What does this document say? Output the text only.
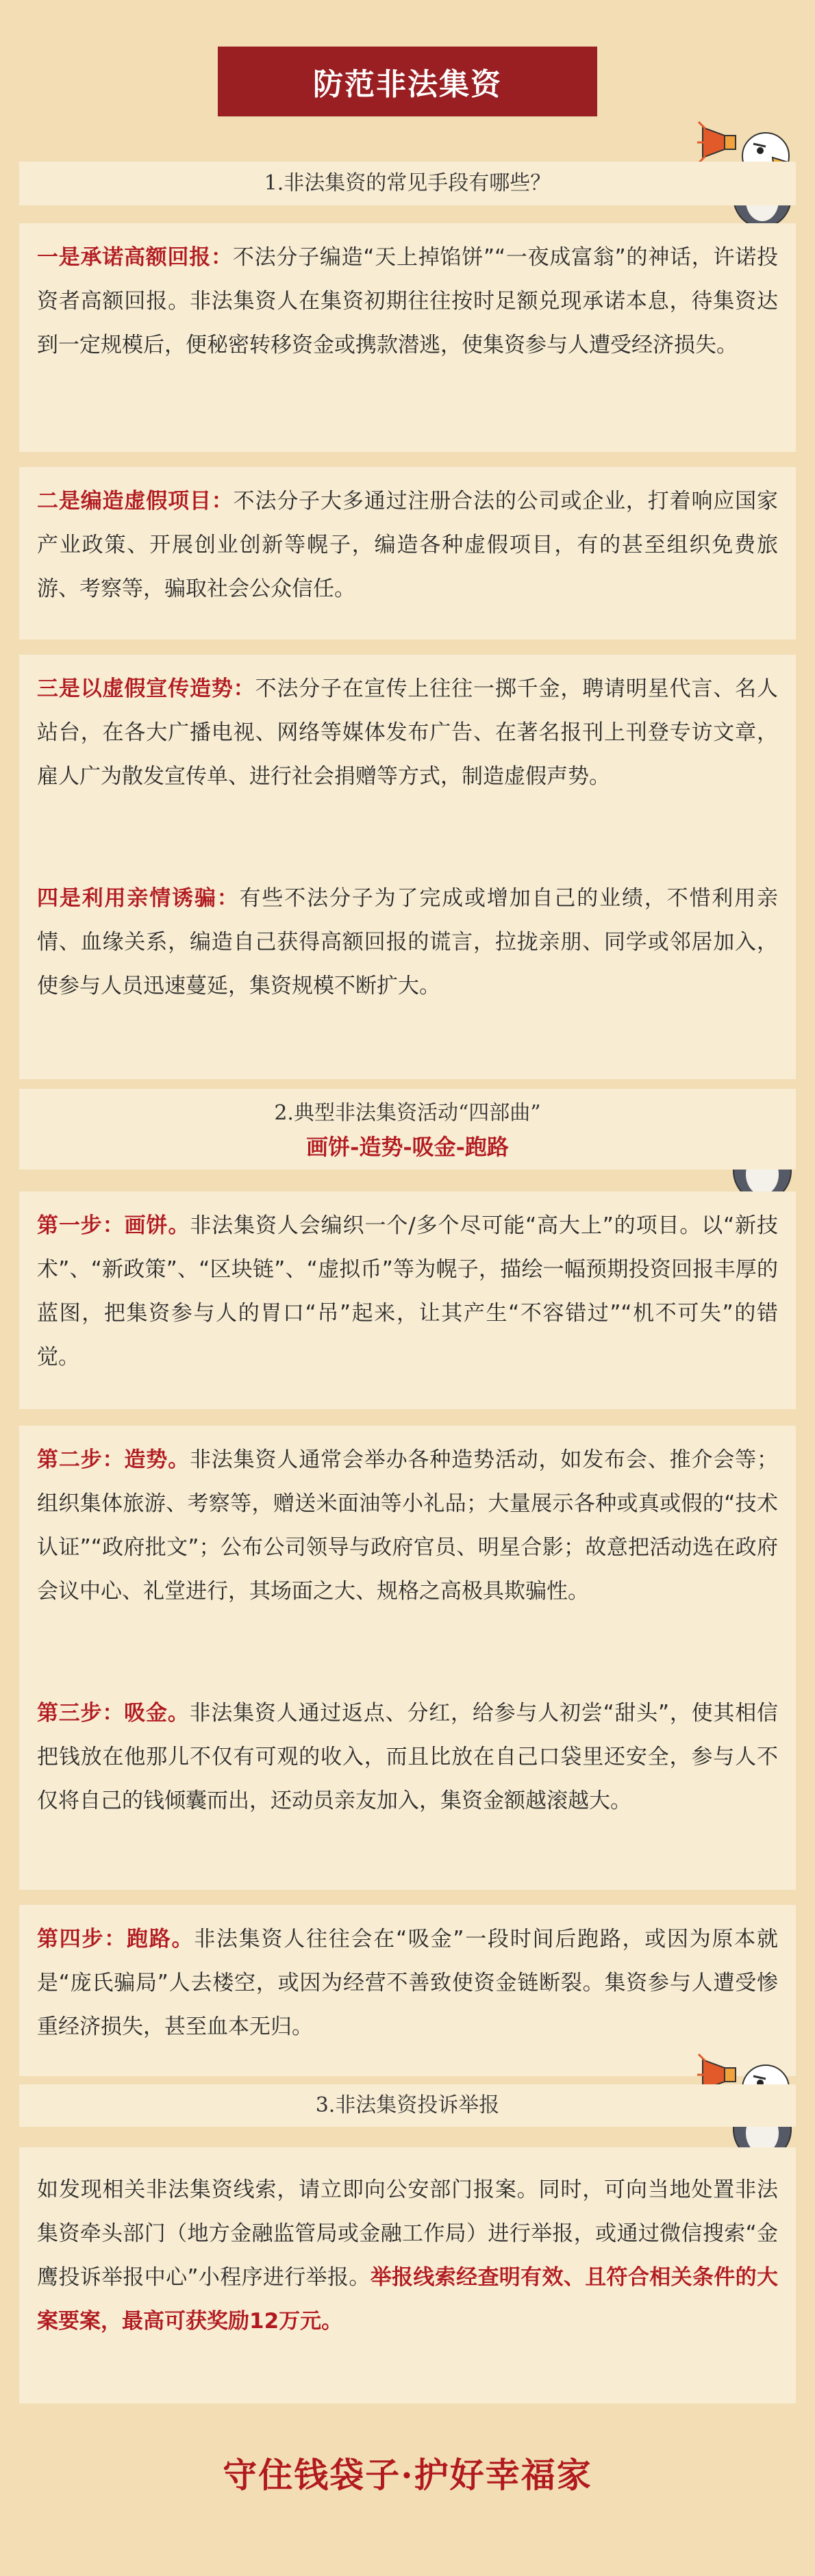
防范非法集资
1.非法集资的常见手段有哪些？
一是承诺高额回报：不法分子编造“天上掉馅饼”“一夜成富翁”的神话，许诺投资者高额回报。非法集资人在集资初期往往按时足额兑现承诺本息，待集资达到一定规模后，便秘密转移资金或携款潜逃，使集资参与人遭受经济损失。
二是编造虚假项目：不法分子大多通过注册合法的公司或企业，打着响应国家产业政策、开展创业创新等幌子，编造各种虚假项目，有的甚至组织免费旅游、考察等，骗取社会公众信任。
三是以虚假宣传造势：不法分子在宣传上往往一掷千金，聘请明星代言、名人站台，在各大广播电视、网络等媒体发布广告、在著名报刊上刊登专访文章，雇人广为散发宣传单、进行社会捐赠等方式，制造虚假声势。
四是利用亲情诱骗：有些不法分子为了完成或增加自己的业绩，不惜利用亲情、血缘关系，编造自己获得高额回报的谎言，拉拢亲朋、同学或邻居加入，使参与人员迅速蔓延，集资规模不断扩大。
2.典型非法集资活动“四部曲”
画饼-造势-吸金-跑路
第一步：画饼。非法集资人会编织一个/多个尽可能“高大上”的项目。以“新技术”、“新政策”、“区块链”、“虚拟币”等为幌子，描绘一幅预期投资回报丰厚的蓝图，把集资参与人的胃口“吊”起来，让其产生“不容错过”“机不可失”的错觉。
第二步：造势。非法集资人通常会举办各种造势活动，如发布会、推介会等；组织集体旅游、考察等，赠送米面油等小礼品；大量展示各种或真或假的“技术认证”“政府批文”；公布公司领导与政府官员、明星合影；故意把活动选在政府会议中心、礼堂进行，其场面之大、规格之高极具欺骗性。
第三步：吸金。非法集资人通过返点、分红，给参与人初尝“甜头”，使其相信把钱放在他那儿不仅有可观的收入，而且比放在自己口袋里还安全，参与人不仅将自己的钱倾囊而出，还动员亲友加入，集资金额越滚越大。
第四步：跑路。非法集资人往往会在“吸金”一段时间后跑路，或因为原本就是“庞氏骗局”人去楼空，或因为经营不善致使资金链断裂。集资参与人遭受惨重经济损失，甚至血本无归。
3.非法集资投诉举报
如发现相关非法集资线索，请立即向公安部门报案。同时，可向当地处置非法集资牵头部门（地方金融监管局或金融工作局）进行举报，或通过微信搜索“金鹰投诉举报中心”小程序进行举报。举报线索经查明有效、且符合相关条件的大案要案，最高可获奖励12万元。
守住钱袋子·护好幸福家
